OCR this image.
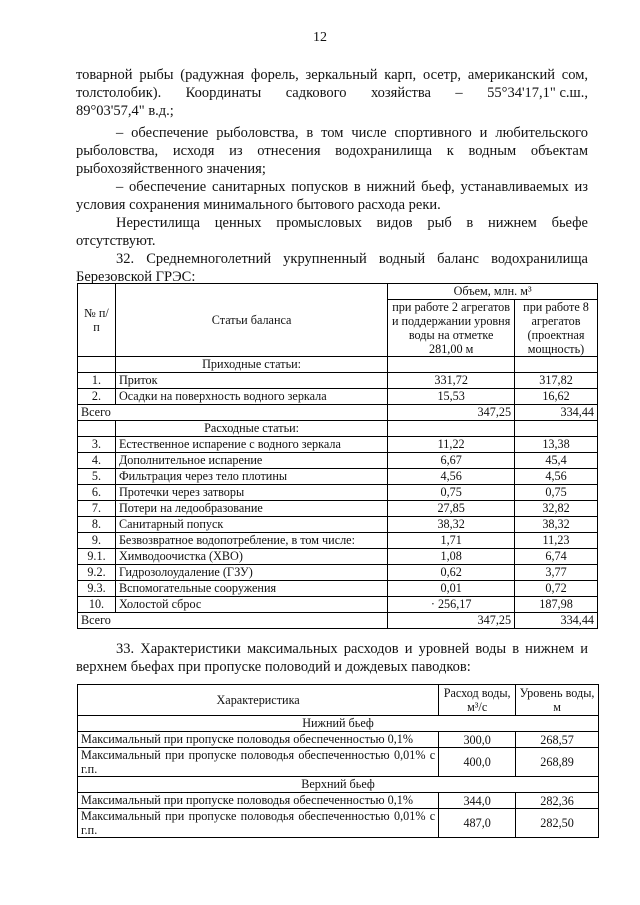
12
товарной рыбы (радужная форель, зеркальный карп, осетр, американский сом,
толстолобик). Координаты садкового хозяйства – 55°34'17,1" с.ш.,
89°03'57,4" в.д.;
– обеспечение рыболовства, в том числе спортивного и любительского рыболовства, исходя из отнесения водохранилища к водным объектам рыбохозяйственного значения;
– обеспечение санитарных попусков в нижний бьеф, устанавливаемых из условия сохранения минимального бытового расхода реки.
Нерестилища ценных промысловых видов рыб в нижнем бьефе отсутствуют.
32. Среднемноголетний укрупненный водный баланс водохранилища Березовской ГРЭС:
№ п/п	Статьи баланса	Объем, млн. м³	
		при работе 2 агрегатов и поддержании уровня воды на отметке 281,00 м	при работе 8 агрегатов (проектная мощность)
	Приходные статьи:		
1.	Приток	331,72	317,82
2.	Осадки на поверхность водного зеркала	15,53	16,62
Всего		347,25	334,44
	Расходные статьи:		
3.	Естественное испарение с водного зеркала	11,22	13,38
4.	Дополнительное испарение	6,67	45,4
5.	Фильтрация через тело плотины	4,56	4,56
6.	Протечки через затворы	0,75	0,75
7.	Потери на ледообразование	27,85	32,82
8.	Санитарный попуск	38,32	38,32
9.	Безвозвратное водопотребление, в том числе:	1,71	11,23
9.1.	Химводоочистка (ХВО)	1,08	6,74
9.2.	Гидрозолоудаление (ГЗУ)	0,62	3,77
9.3.	Вспомогательные сооружения	0,01	0,72
10.	Холостой сброс	· 256,17	187,98
Всего		347,25	334,44
33. Характеристики максимальных расходов и уровней воды в нижнем и верхнем бьефах при пропуске половодий и дождевых паводков:
Характеристика	Расход воды, м³/с	Уровень воды, м
Нижний бьеф		
Максимальный при пропуске половодья обеспеченностью 0,1%	300,0	268,57
Максимальный при пропуске половодья обеспеченностью 0,01% с г.п.	400,0	268,89
Верхний бьеф		
Максимальный при пропуске половодья обеспеченностью 0,1%	344,0	282,36
Максимальный при пропуске половодья обеспеченностью 0,01% с г.п.	487,0	282,50
